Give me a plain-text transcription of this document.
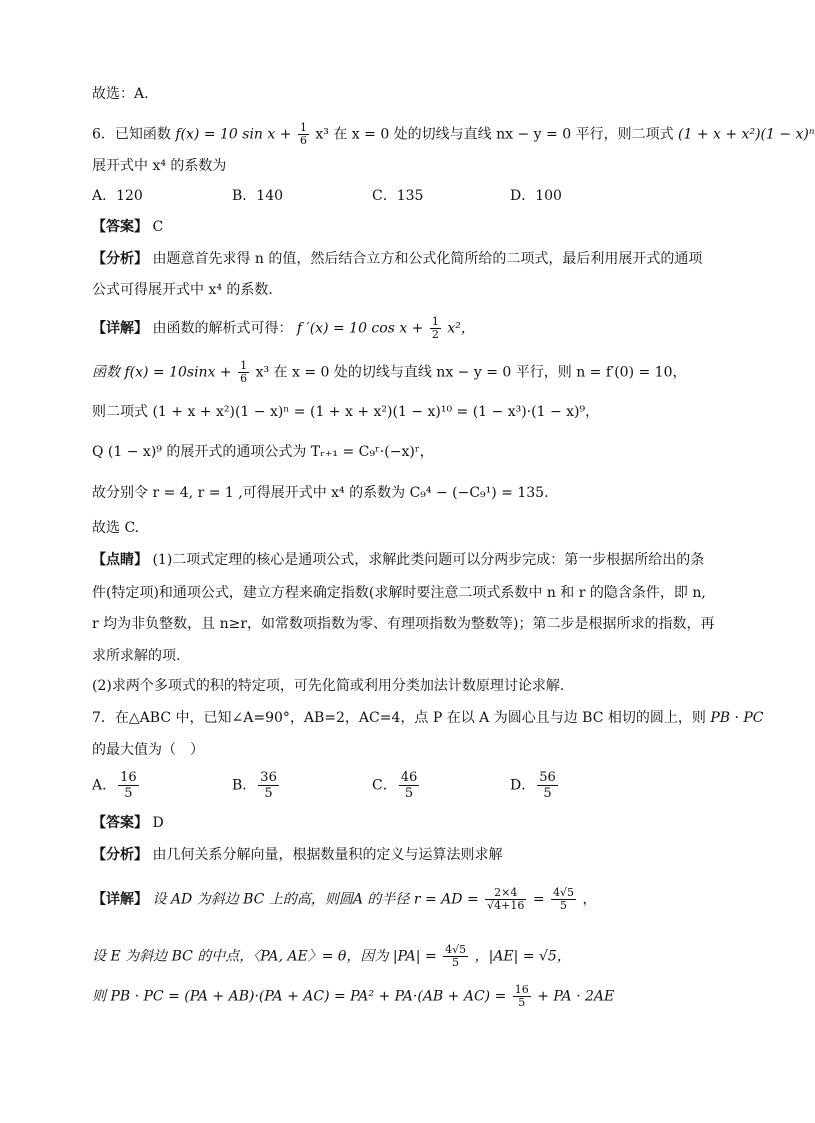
故选：A.
6．已知函数 f(x) = 10 $\sin x + \frac{1}{6} x^3$ 在 x = 0 处的切线与直线 nx − y = 0 平行，则二项式 (1 + x + x²)(1 − x)ⁿ
展开式中 x⁴ 的系数为
A．120	B．140	C．135	D．100
【答案】 C
【分析】 由题意首先求得 n 的值，然后结合立方和公式化简所给的二项式，最后利用展开式的通项
公式可得展开式中 x⁴ 的系数.
【详解】 由函数的解析式可得： f ′(x) = 10 $\cos x + \frac{1}{2} x^2$，
函数 $f(x) = 10\sin x + \frac{1}{6} x^3$ 在 x = 0 处的切线与直线 nx − y = 0 平行，则 n = f′(0) = 10，
则二项式 (1 + x + x²)(1 − x)ⁿ = (1 + x + x²)(1 − x)¹⁰ = (1 − x³)·(1 − x)⁹，
Q (1 − x)⁹ 的展开式的通项公式为 Tᵣ₊₁ = C₉ʳ·(−x)ʳ，
故分别令 r = 4, r = 1 ,可得展开式中 x⁴ 的系数为 C₉⁴ − (−C₉¹) = 135.
故选 C.
【点睛】 (1)二项式定理的核心是通项公式，求解此类问题可以分两步完成：第一步根据所给出的条
件(特定项)和通项公式，建立方程来确定指数(求解时要注意二项式系数中 n 和 r 的隐含条件，即 n,
r 均为非负整数，且 n≥r，如常数项指数为零、有理项指数为整数等)；第二步是根据所求的指数，再
求所求解的项.
(2)求两个多项式的积的特定项，可先化简或利用分类加法计数原理讨论求解.
7．在△ABC 中，已知∠A=90°，AB=2，AC=4，点 P 在以 A 为圆心且与边 BC 相切的圆上，则 PB · PC
的最大值为（　）
A． $\frac{16}{5}$	B． $\frac{36}{5}$	C． $\frac{46}{5}$	D． $\frac{56}{5}$
【答案】 D
【分析】 由几何关系分解向量，根据数量积的定义与运算法则求解
【详解】 设 AD 为斜边 BC 上的高，则圆A 的半径 r = AD = $\frac{2\times 4}{√4+16} = \frac{4√5}{5}$ ，
设 E 为斜边 BC 的中点，〈PA, AE〉= θ，因为 $|PA| = \frac{4√5}{5}$ ，|AE| = √5，
则 PB · PC = $(PA + AB)\cdot(PA + AC) = PA^2 + PA\cdot(AB + AC) = \frac{16}{5}$ + PA · 2AE
